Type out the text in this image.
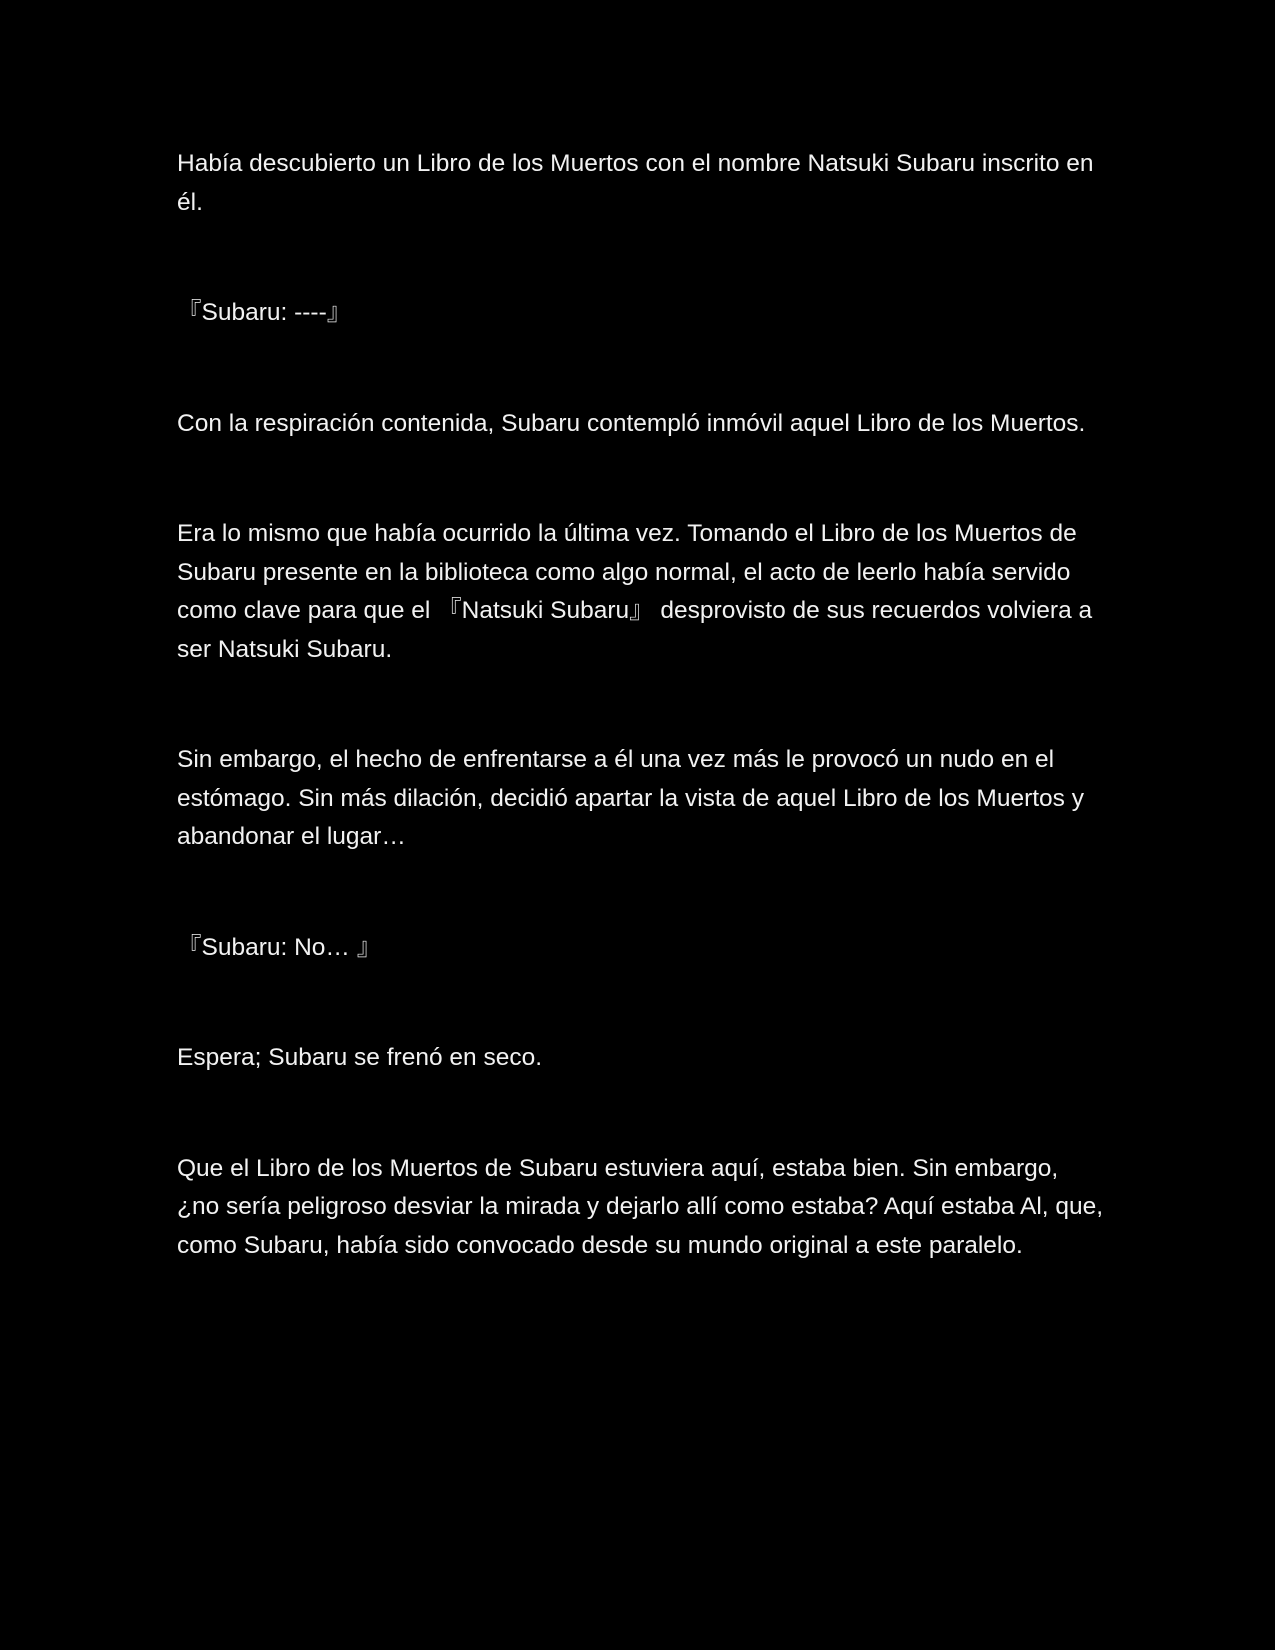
Había descubierto un Libro de los Muertos con el nombre Natsuki Subaru inscrito en él.

『Subaru: ----』

Con la respiración contenida, Subaru contempló inmóvil aquel Libro de los Muertos.

Era lo mismo que había ocurrido la última vez. Tomando el Libro de los Muertos de Subaru presente en la biblioteca como algo normal, el acto de leerlo había servido como clave para que el 『Natsuki Subaru』 desprovisto de sus recuerdos volviera a ser Natsuki Subaru.

Sin embargo, el hecho de enfrentarse a él una vez más le provocó un nudo en el estómago. Sin más dilación, decidió apartar la vista de aquel Libro de los Muertos y abandonar el lugar…

『Subaru: No… 』

Espera; Subaru se frenó en seco.

Que el Libro de los Muertos de Subaru estuviera aquí, estaba bien. Sin embargo, ¿no sería peligroso desviar la mirada y dejarlo allí como estaba? Aquí estaba Al, que, como Subaru, había sido convocado desde su mundo original a este paralelo.
